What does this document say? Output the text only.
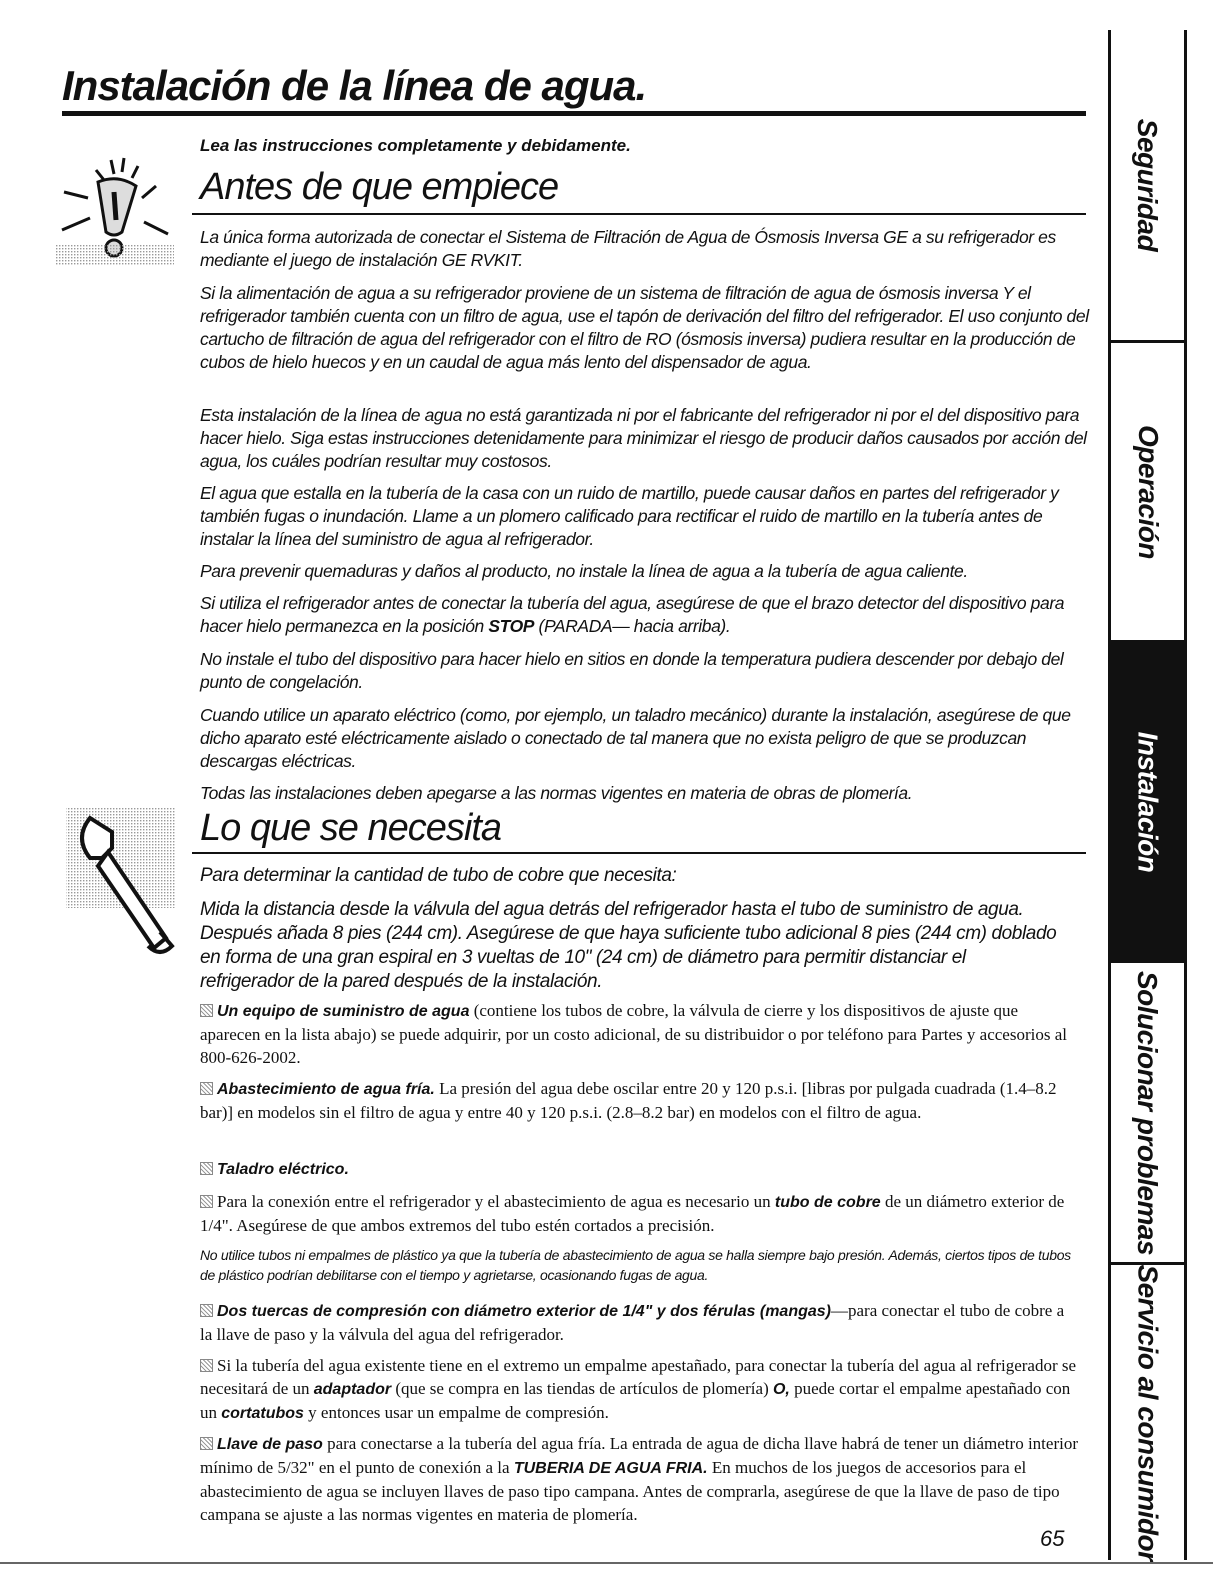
Instalación de la línea de agua.
Lea las instrucciones completamente y debidamente.
Antes de que empiece

La única forma autorizada de conectar el Sistema de Filtración de Agua de Ósmosis Inversa GE a su refrigerador es mediante el juego de instalación GE RVKIT.

Si la alimentación de agua a su refrigerador proviene de un sistema de filtración de agua de ósmosis inversa Y el refrigerador también cuenta con un filtro de agua, use el tapón de derivación del filtro del refrigerador. El uso conjunto del cartucho de filtración de agua del refrigerador con el filtro de RO (ósmosis inversa) pudiera resultar en la producción de cubos de hielo huecos y en un caudal de agua más lento del dispensador de agua.

Esta instalación de la línea de agua no está garantizada ni por el fabricante del refrigerador ni por el del dispositivo para hacer hielo. Siga estas instrucciones detenidamente para minimizar el riesgo de producir daños causados por acción del agua, los cuáles podrían resultar muy costosos.

El agua que estalla en la tubería de la casa con un ruido de martillo, puede causar daños en partes del refrigerador y también fugas o inundación. Llame a un plomero calificado para rectificar el ruido de martillo en la tubería antes de instalar la línea del suministro de agua al refrigerador.

Para prevenir quemaduras y daños al producto, no instale la línea de agua a la tubería de agua caliente.

Si utiliza el refrigerador antes de conectar la tubería del agua, asegúrese de que el brazo detector del dispositivo para hacer hielo permanezca en la posición STOP (PARADA— hacia arriba).

No instale el tubo del dispositivo para hacer hielo en sitios en donde la temperatura pudiera descender por debajo del punto de congelación.

Cuando utilice un aparato eléctrico (como, por ejemplo, un taladro mecánico) durante la instalación, asegúrese de que dicho aparato esté eléctricamente aislado o conectado de tal manera que no exista peligro de que se produzcan descargas eléctricas.

Todas las instalaciones deben apegarse a las normas vigentes en materia de obras de plomería.

Lo que se necesita

Para determinar la cantidad de tubo de cobre que necesita:

Mida la distancia desde la válvula del agua detrás del refrigerador hasta el tubo de suministro de agua. Después añada 8 pies (244 cm). Asegúrese de que haya suficiente tubo adicional 8 pies (244 cm) doblado en forma de una gran espiral en 3 vueltas de 10" (24 cm) de diámetro para permitir distanciar el refrigerador de la pared después de la instalación.

Un equipo de suministro de agua (contiene los tubos de cobre, la válvula de cierre y los dispositivos de ajuste que aparecen en la lista abajo) se puede adquirir, por un costo adicional, de su distribuidor o por teléfono para Partes y accesorios al 800-626-2002.

Abastecimiento de agua fría. La presión del agua debe oscilar entre 20 y 120 p.s.i. [libras por pulgada cuadrada (1.4–8.2 bar)] en modelos sin el filtro de agua y entre 40 y 120 p.s.i. (2.8–8.2 bar) en modelos con el filtro de agua.

Taladro eléctrico.

Para la conexión entre el refrigerador y el abastecimiento de agua es necesario un tubo de cobre de un diámetro exterior de 1/4". Asegúrese de que ambos extremos del tubo estén cortados a precisión.

No utilice tubos ni empalmes de plástico ya que la tubería de abastecimiento de agua se halla siempre bajo presión. Además, ciertos tipos de tubos de plástico podrían debilitarse con el tiempo y agrietarse, ocasionando fugas de agua.

Dos tuercas de compresión con diámetro exterior de 1/4" y dos férulas (mangas)—para conectar el tubo de cobre a la llave de paso y la válvula del agua del refrigerador.

Si la tubería del agua existente tiene en el extremo un empalme apestañado, para conectar la tubería del agua al refrigerador se necesitará de un adaptador (que se compra en las tiendas de artículos de plomería) O, puede cortar el empalme apestañado con un cortatubos y entonces usar un empalme de compresión.

Llave de paso para conectarse a la tubería del agua fría. La entrada de agua de dicha llave habrá de tener un diámetro interior mínimo de 5/32" en el punto de conexión a la TUBERIA DE AGUA FRIA. En muchos de los juegos de accesorios para el abastecimiento de agua se incluyen llaves de paso tipo campana. Antes de comprarla, asegúrese de que la llave de paso de tipo campana se ajuste a las normas vigentes en materia de plomería.

65
Seguridad
Operación
Instalación
Solucionar problemas
Servicio al consumidor
